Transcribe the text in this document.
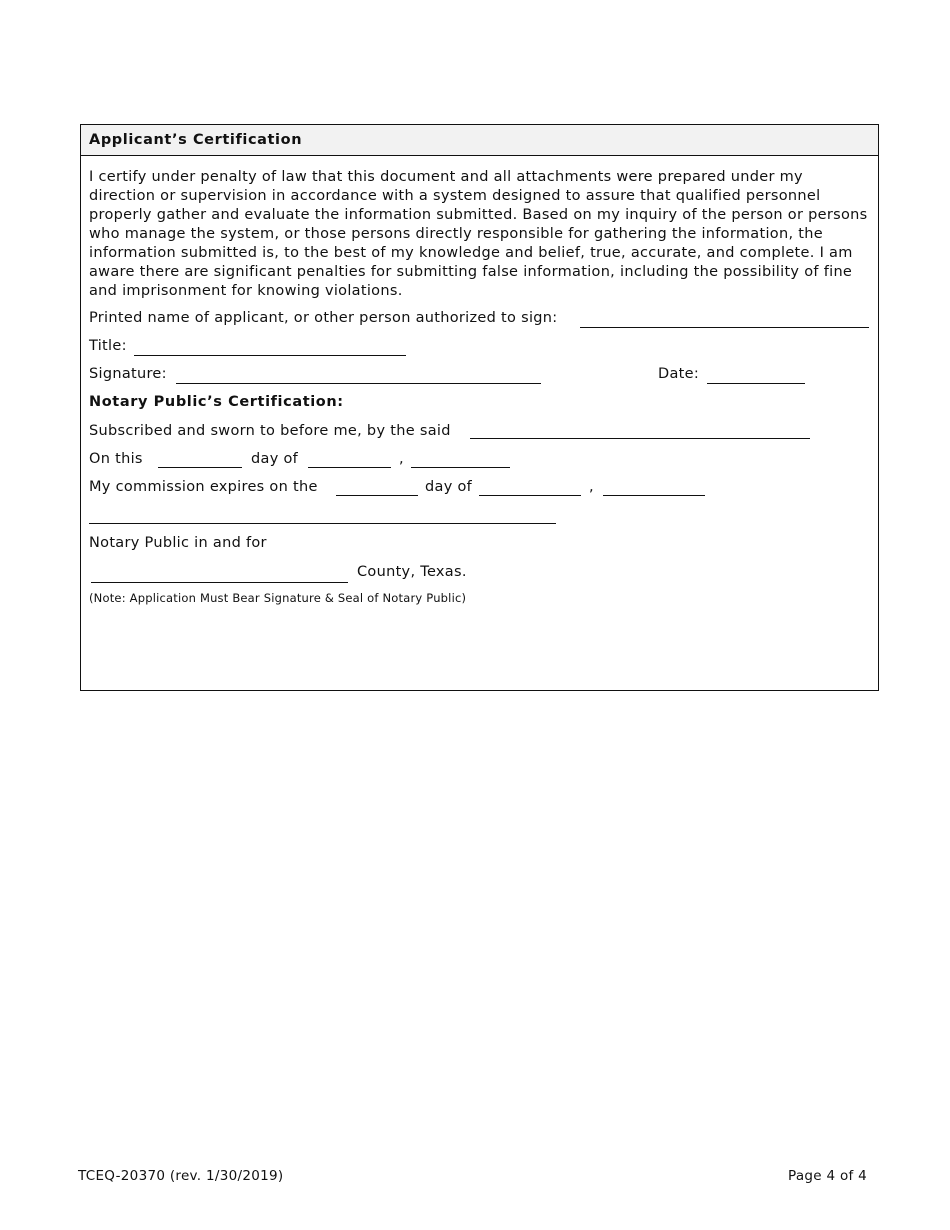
Applicant’s Certification

I certify under penalty of law that this document and all attachments were prepared under my direction or supervision in accordance with a system designed to assure that qualified personnel properly gather and evaluate the information submitted. Based on my inquiry of the person or persons who manage the system, or those persons directly responsible for gathering the information, the information submitted is, to the best of my knowledge and belief, true, accurate, and complete. I am aware there are significant penalties for submitting false information, including the possibility of fine and imprisonment for knowing violations.

Printed name of applicant, or other person authorized to sign:
Title:
Signature:	Date:
Notary Public’s Certification:
Subscribed and sworn to before me, by the said
On this	day of	,
My commission expires on the	day of	,
Notary Public in and for
County, Texas.
(Note: Application Must Bear Signature & Seal of Notary Public)
TCEQ-20370 (rev. 1/30/2019)	Page 4 of 4
